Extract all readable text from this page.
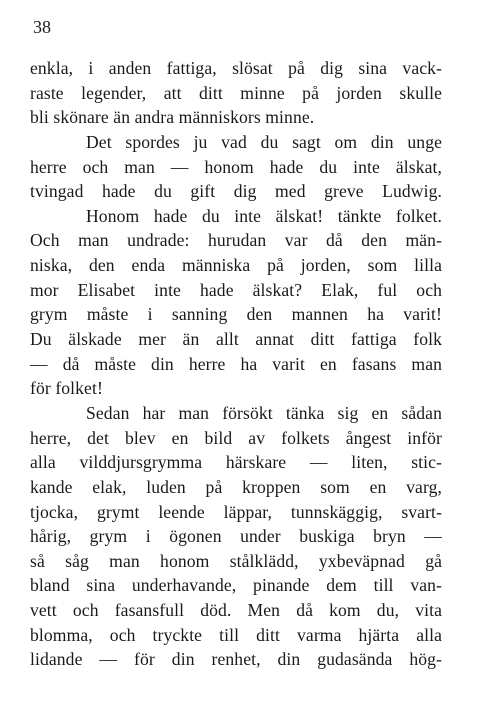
38
enkla, i anden fattiga, slösat på dig sina vack-
raste legender, att ditt minne på jorden skulle
bli skönare än andra människors minne.
Det spordes ju vad du sagt om din unge
herre och man — honom hade du inte älskat,
tvingad hade du gift dig med greve Ludwig.
Honom hade du inte älskat! tänkte folket.
Och man undrade: hurudan var då den män-
niska, den enda människa på jorden, som lilla
mor Elisabet inte hade älskat? Elak, ful och
grym måste i sanning den mannen ha varit!
Du älskade mer än allt annat ditt fattiga folk
— då måste din herre ha varit en fasans man
för folket!
Sedan har man försökt tänka sig en sådan
herre, det blev en bild av folkets ångest inför
alla vilddjursgrymma härskare — liten, stic-
kande elak, luden på kroppen som en varg,
tjocka, grymt leende läppar, tunnskäggig, svart-
hårig, grym i ögonen under buskiga bryn —
så såg man honom stålklädd, yxbeväpnad gå
bland sina underhavande, pinande dem till van-
vett och fasansfull död. Men då kom du, vita
blomma, och tryckte till ditt varma hjärta alla
lidande — för din renhet, din gudasända hög-
